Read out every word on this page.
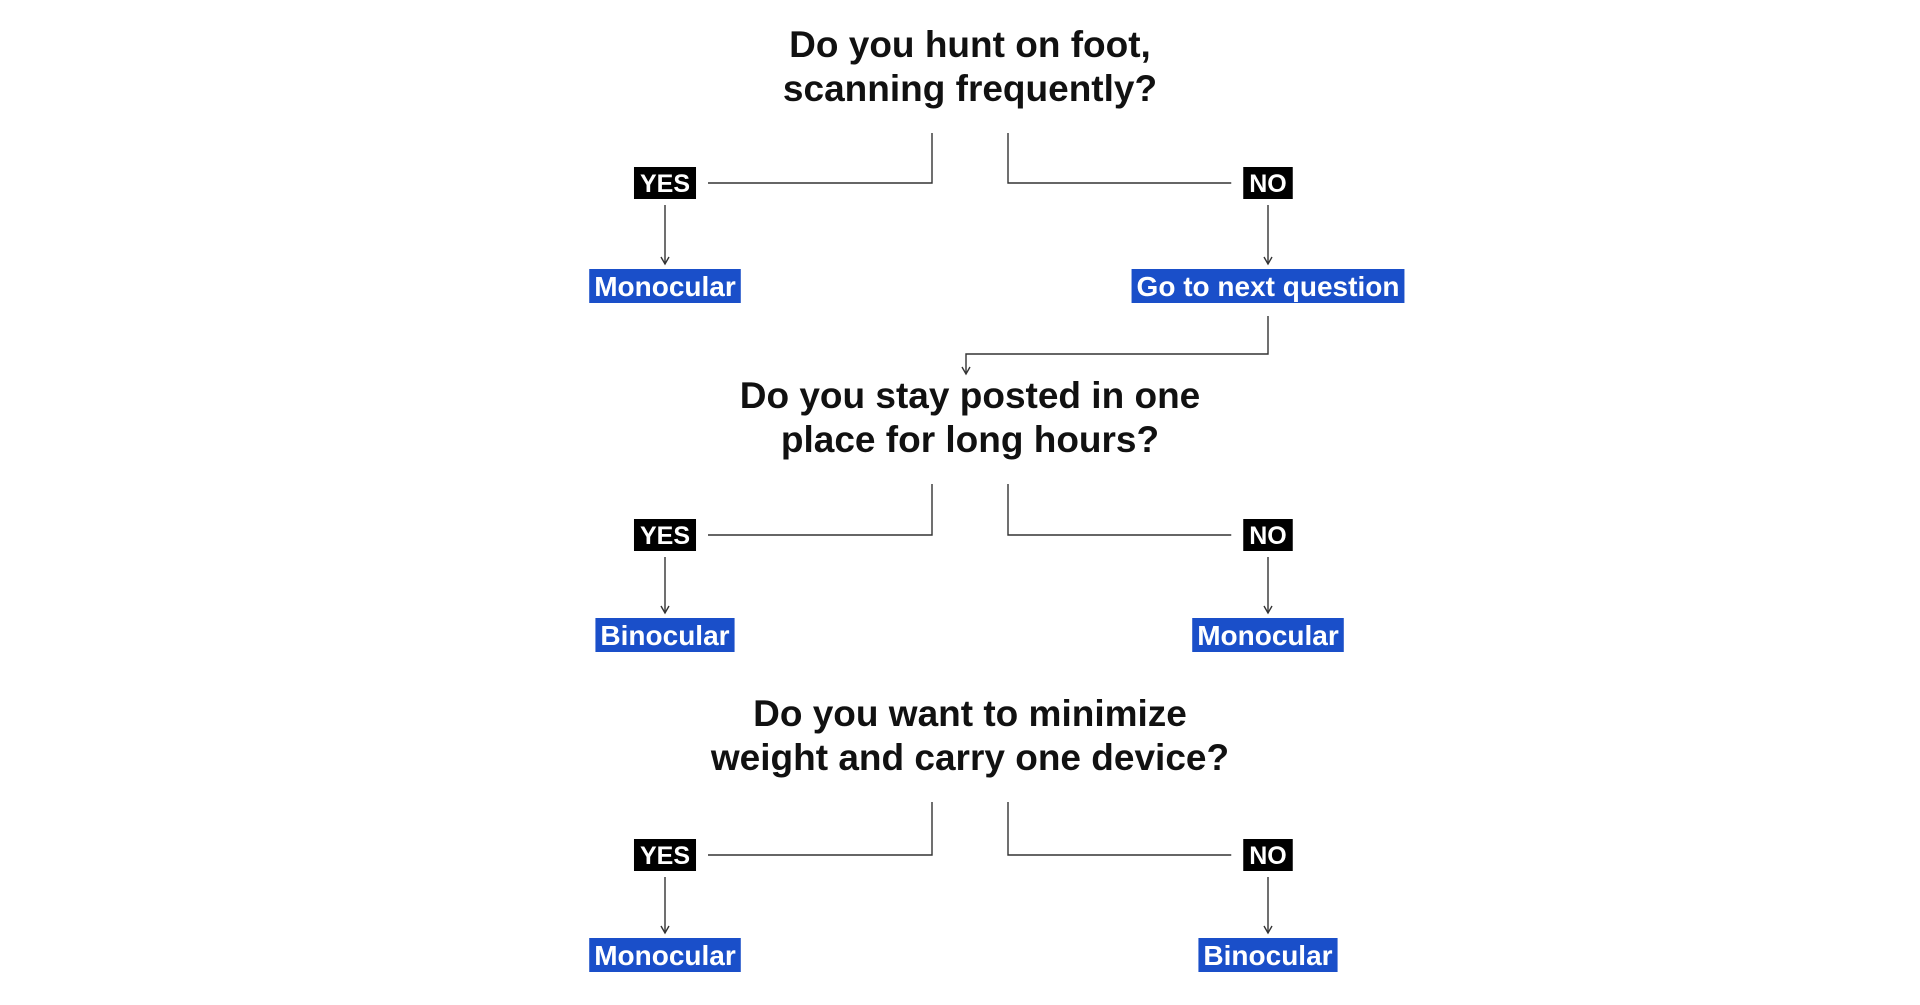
Do you hunt on foot,
scanning frequently?
YES	NO
Monocular	Go to next question
Do you stay posted in one
place for long hours?
YES	NO
Binocular	Monocular
Do you want to minimize
weight and carry one device?
YES	NO
Monocular	Binocular
